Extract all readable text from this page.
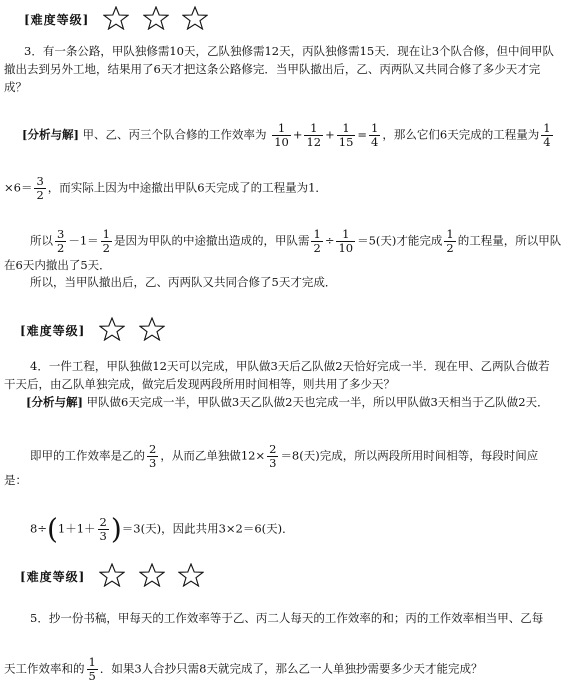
[难度等级]
3．有一条公路，甲队独修需10天，乙队独修需12天，丙队独修需15天．现在让3个队合修，但中间甲队
撤出去到另外工地，结果用了6天才把这条公路修完．当甲队撤出后，乙、丙两队又共同合修了多少天才完
成？
[分析与解] 甲、乙、丙三个队合修的工作效率为 $\frac{1}{10} + \frac{1}{12} + \frac{1}{15} = \frac{1}{4}$ ，那么它们6天完成的工程量为 $\frac{1}{4}$
$\times 6= \frac{3}{2}$ ，而实际上因为中途撤出甲队6天完成了的工程量为1．
所以 $\frac{3}{2} -1= \frac{1}{2}$ 是因为甲队的中途撤出造成的，甲队需 $\frac{1}{2} \div \frac{1}{10} =5$(天)才能完成 $\frac{1}{2}$ 的工程量，所以甲队
在6天内撤出了5天．
所以，当甲队撤出后，乙、丙两队又共同合修了5天才完成．
[难度等级]
4．一件工程，甲队独做12天可以完成，甲队做3天后乙队做2天恰好完成一半．现在甲、乙两队合做若
干天后，由乙队单独完成，做完后发现两段所用时间相等，则共用了多少天？
[分析与解] 甲队做6天完成一半，甲队做3天乙队做2天也完成一半，所以甲队做3天相当于乙队做2天．
即甲的工作效率是乙的 $\frac{2}{3}$ ，从而乙单独做$12\times \frac{2}{3} =8$(天)完成，所以两段所用时间相等，每段时间应
是：
$8\div(1+1+ \frac{2}{3} )=3$(天)，因此共用3×2＝6(天)．
[难度等级]
5．抄一份书稿，甲每天的工作效率等于乙、丙二人每天的工作效率的和；丙的工作效率相当甲、乙每
天工作效率和的 $\frac{1}{5}$ ．如果3人合抄只需8天就完成了，那么乙一人单独抄需要多少天才能完成？
